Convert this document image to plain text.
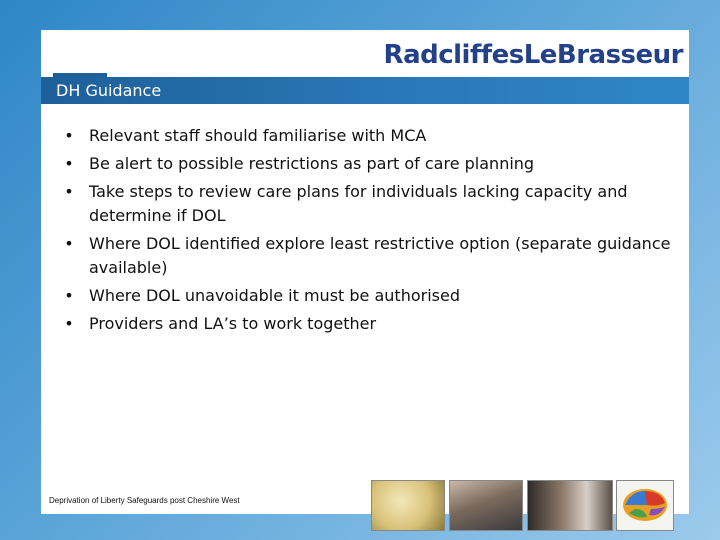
RadcliffesLeBrasseur
DH Guidance
• Relevant staff should familiarise with MCA
• Be alert to possible restrictions as part of care planning
• Take steps to review care plans for individuals lacking capacity and determine if DOL
• Where DOL identified explore least restrictive option (separate guidance available)
• Where DOL unavoidable it must be authorised
• Providers and LA’s to work together
Deprivation of Liberty Safeguards post Cheshire West
